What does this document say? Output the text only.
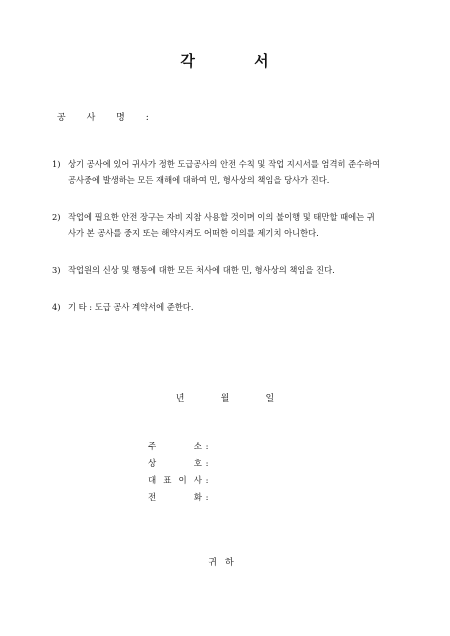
각	서
공 사 명 :
1) 상기 공사에 있어 귀사가 정한 도급공사의 안전 수칙 및 작업 지시서를 엄격히 준수하여
공사중에 발생하는 모든 재해에 대하여 민, 형사상의 책임을 당사가 진다.
2) 작업에 필요한 안전 장구는 자비 지참 사용할 것이며 이의 불이행 및 태만할 때에는 귀
사가 본 공사를 중지 또는 해약시켜도 어떠한 이의를 제기치 아니한다.
3) 작업원의 신상 및 행동에 대한 모든 처사에 대한 민, 형사상의 책임을 진다.
4) 기 타 : 도급 공사 계약서에 준한다.
년	월	일
주	소 :
상	호 :
대 표 이 사 :
전	화 :
귀하
